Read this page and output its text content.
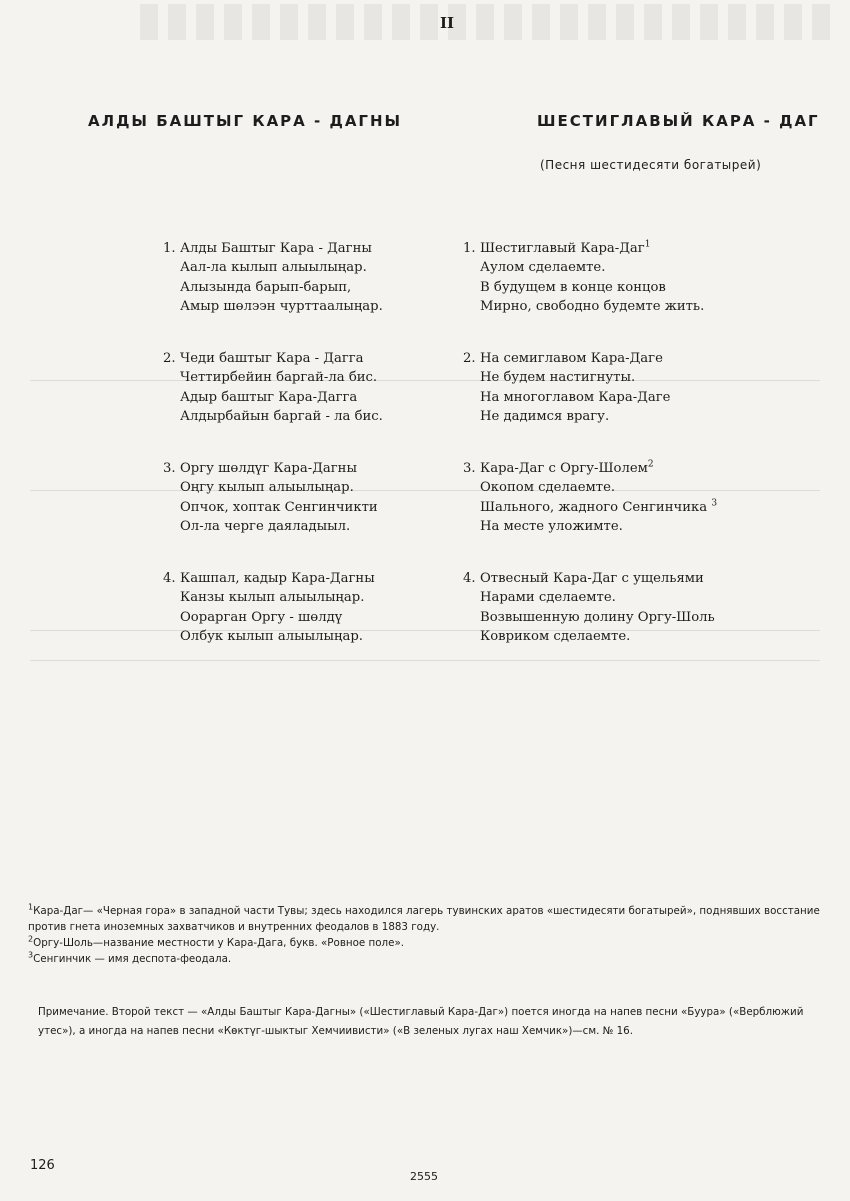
II
АЛДЫ БАШТЫГ КАРА - ДАГНЫ	ШЕСТИГЛАВЫЙ КАРА - ДАГ
(Песня шестидесяти богатырей)
1. Алды Баштыг Кара - Дагны
Аал-ла кылып алыылыңар.
Алызында барып-барып,
Амыр шөлээн чурттаалыңар.
2. Чеди баштыг Кара - Дагга
Четтирбейин баргай-ла бис.
Адыр баштыг Кара-Дагга
Алдырбайын баргай - ла бис.
3. Оргу шөлдүг Кара-Дагны
Оңгу кылып алыылыңар.
Опчок, хоптак Сенгинчикти
Ол-ла черге даяладыыл.
4. Кашпал, кадыр Кара-Дагны
Канзы кылып алыылыңар.
Оорарган Оргу - шөлдү
Олбук кылып алыылыңар.
1. Шестиглавый Кара-Даг$^1$
Аулом сделаемте.
В будущем в конце концов
Мирно, свободно будемте жить.
2. На семиглавом Кара-Даге
Не будем настигнуты.
На многоглавом Кара-Даге
Не дадимся врагу.
3. Кара-Даг с Оргу-Шолем$^2$
Окопом сделаемте.
Шального, жадного Сенгинчика $^3$
На месте уложимте.
4. Отвесный Кара-Даг с ущельями
Нарами сделаемте.
Возвышенную долину Оргу-Шоль
Ковриком сделаемте.

$^1$Кара-Даг— «Черная гора» в западной части Тувы; здесь находился лагерь тувинских аратов «шестидесяти богатырей», поднявших восстание против гнета иноземных захватчиков и внутренних феодалов в 1883 году.

$^2$Оргу-Шоль—название местности у Кара-Дага, букв. «Ровное поле».

$^3$Сенгинчик — имя деспота-феодала.

Примечание. Второй текст — «Алды Баштыг Кара-Дагны» («Шестиглавый Кара-Даг») поется иногда на напев песни «Буура» («Верблюжий утес»), а иногда на напев песни «Көктүг-шыктыг Хемчиивисти» («В зеленых лугах наш Хемчик»)—см. № 16.
126
2555
